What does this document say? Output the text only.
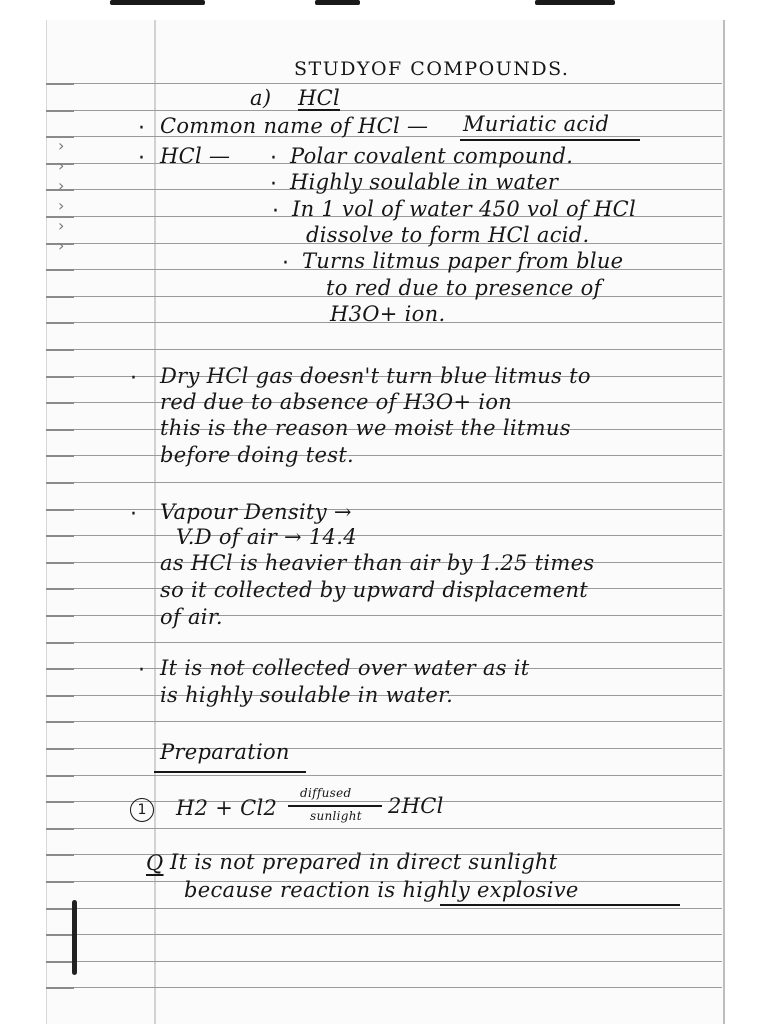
›
›
›
›
›
›
STUDYOF COMPOUNDS.
a) HCl
· Common name of HCl — Muriatic acid
· HCl — · Polar covalent compound.
· Highly soulable in water
· In 1 vol of water 450 vol of HCl
dissolve to form HCl acid.
· Turns litmus paper from blue
to red due to presence of
H3O+ ion.
· Dry HCl gas doesn't turn blue litmus to
red due to absence of H3O+ ion
this is the reason we moist the litmus
before doing test.
· Vapour Density →
V.D of air → 14.4
as HCl is heavier than air by 1.25 times
so it collected by upward displacement
of air.
· It is not collected over water as it
is highly soulable in water.
Preparation
1	H2 + Cl2
diffused
sunlight 2HCl
Q It is not prepared in direct sunlight
because reaction is highly explosive
